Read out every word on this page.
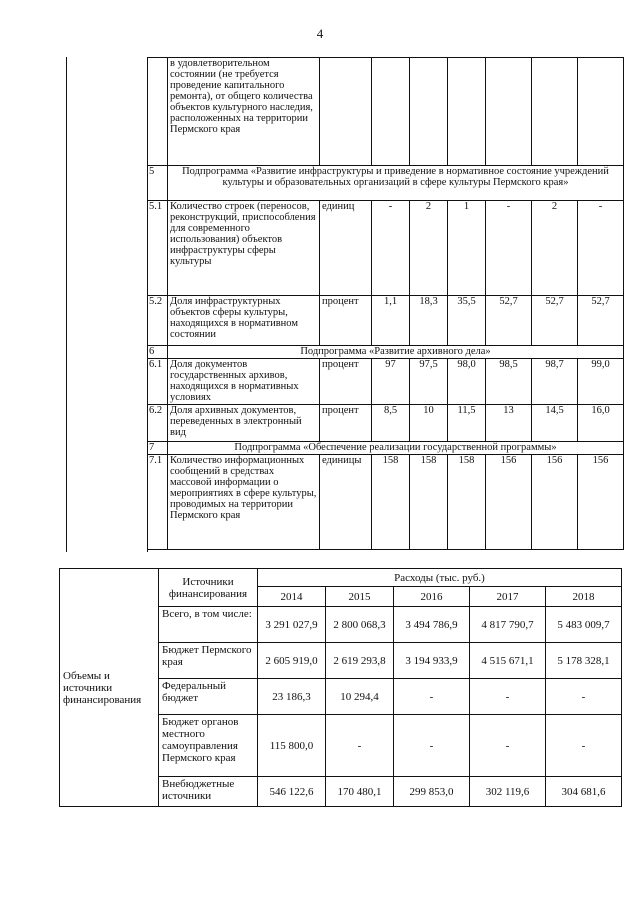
4
	в удовлетворительном состоянии (не требуется проведение капитального ремонта), от общего количества объектов культурного наследия, расположенных на территории Пермского края							
5	Подпрограмма «Развитие инфраструктуры и приведение в нормативное состояние учреждений культуры и образовательных организаций в сфере культуры Пермского края»							
5.1	Количество строек (переносов, реконструкций, приспособления для современного использования) объектов инфраструктуры сферы культуры	единиц	-	2	1	-	2	-
5.2	Доля инфраструктурных объектов сферы культуры, находящихся в нормативном состоянии	процент	1,1	18,3	35,5	52,7	52,7	52,7
6	Подпрограмма «Развитие архивного дела»							
6.1	Доля документов государственных архивов, находящихся в нормативных условиях	процент	97	97,5	98,0	98,5	98,7	99,0
6.2	Доля архивных документов, переведенных в электронный вид	процент	8,5	10	11,5	13	14,5	16,0
7	Подпрограмма «Обеспечение реализации государственной программы»							
7.1	Количество информационных сообщений в средствах массовой информации о мероприятиях в сфере культуры, проводимых на территории Пермского края	единицы	158	158	158	156	156	156
Объемы и источники финансирования	Источники финансирования	Расходы (тыс. руб.)				
		2014	2015	2016	2017	2018
	Всего, в том числе:	3 291 027,9	2 800 068,3	3 494 786,9	4 817 790,7	5 483 009,7
	Бюджет Пермского края	2 605 919,0	2 619 293,8	3 194 933,9	4 515 671,1	5 178 328,1
	Федеральный бюджет	23 186,3	10 294,4	-	-	-
	Бюджет органов местного самоуправления Пермского края	115 800,0	-	-	-	-
	Внебюджетные источники	546 122,6	170 480,1	299 853,0	302 119,6	304 681,6
